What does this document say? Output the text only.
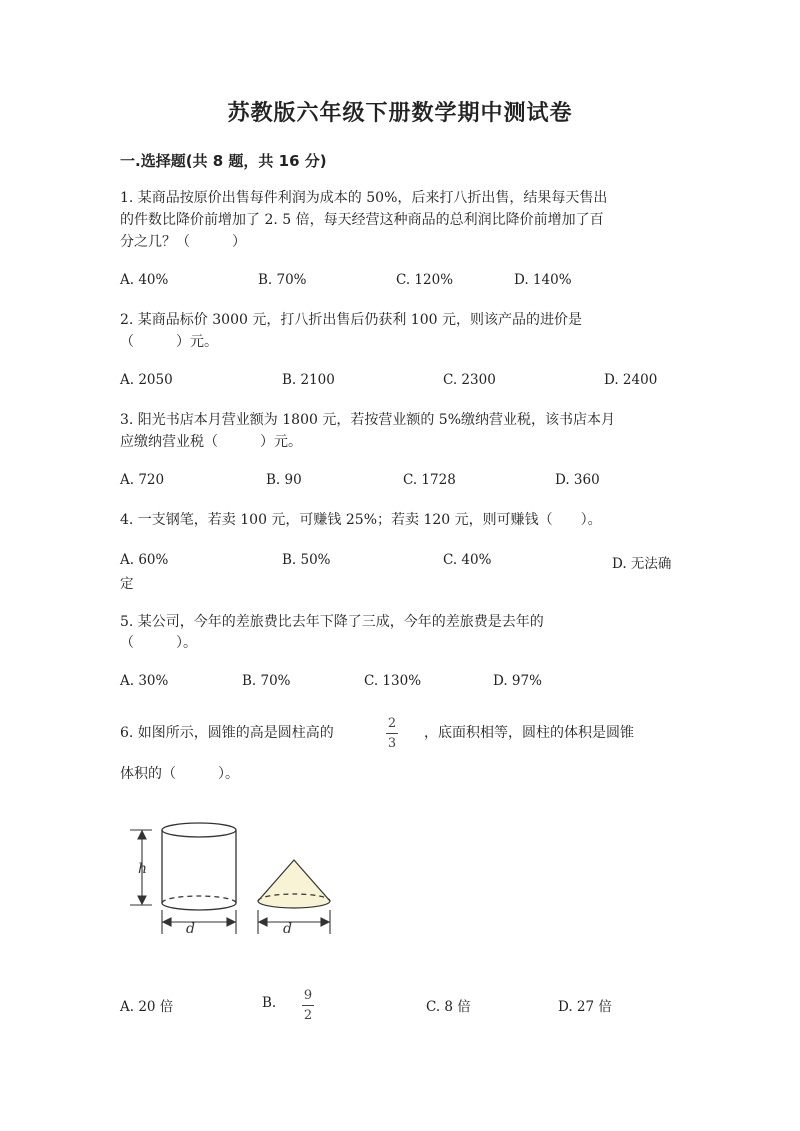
苏教版六年级下册数学期中测试卷
一.选择题(共 8 题，共 16 分)
1. 某商品按原价出售每件利润为成本的 50%，后来打八折出售，结果每天售出
的件数比降价前增加了 2. 5 倍，每天经营这种商品的总利润比降价前增加了百
分之几？（　　　）
A. 40%	B. 70%	C. 120%	D. 140%
2. 某商品标价 3000 元，打八折出售后仍获利 100 元，则该产品的进价是
（　　　）元。
A. 2050	B. 2100	C. 2300	D. 2400
3. 阳光书店本月营业额为 1800 元，若按营业额的 5%缴纳营业税，该书店本月
应缴纳营业税（　　　）元。
A. 720	B. 90	C. 1728	D. 360
4. 一支钢笔，若卖 100 元，可赚钱 25%；若卖 120 元，则可赚钱（　　）。
A. 60%	B. 50%	C. 40%	D. 无法确
定
5. 某公司，今年的差旅费比去年下降了三成，今年的差旅费是去年的
（　　　）。
A. 30%	B. 70%	C. 130%	D. 97%
6. 如图所示，圆锥的高是圆柱高的
2
3
，底面积相等，圆柱的体积是圆锥
体积的（　　　）。
h
d	d
A. 20 倍	B. 9
2
C. 8 倍	D. 27 倍
